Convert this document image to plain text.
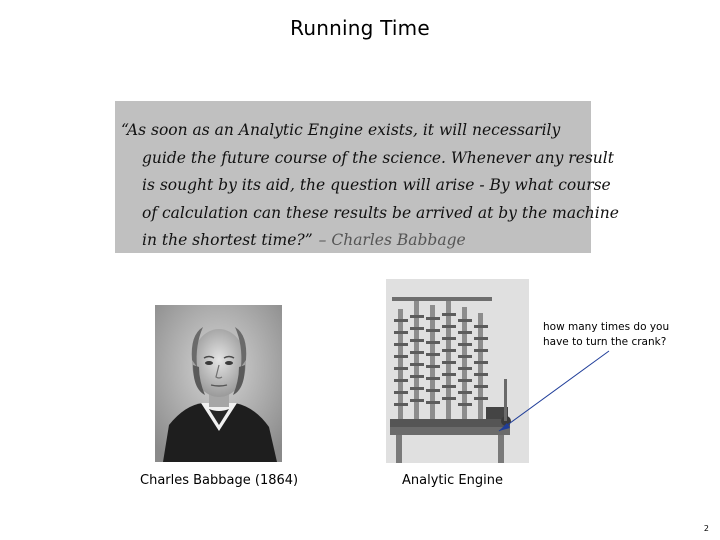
Running Time
“As soon as an Analytic Engine exists, it will necessarily
guide the future course of the science. Whenever any result
is sought by its aid, the question will arise - By what course
of calculation can these results be arrived at by the machine
in the shortest time?” – Charles Babbage
how many times do you
have to turn the crank?
Charles Babbage (1864)	Analytic Engine
2
